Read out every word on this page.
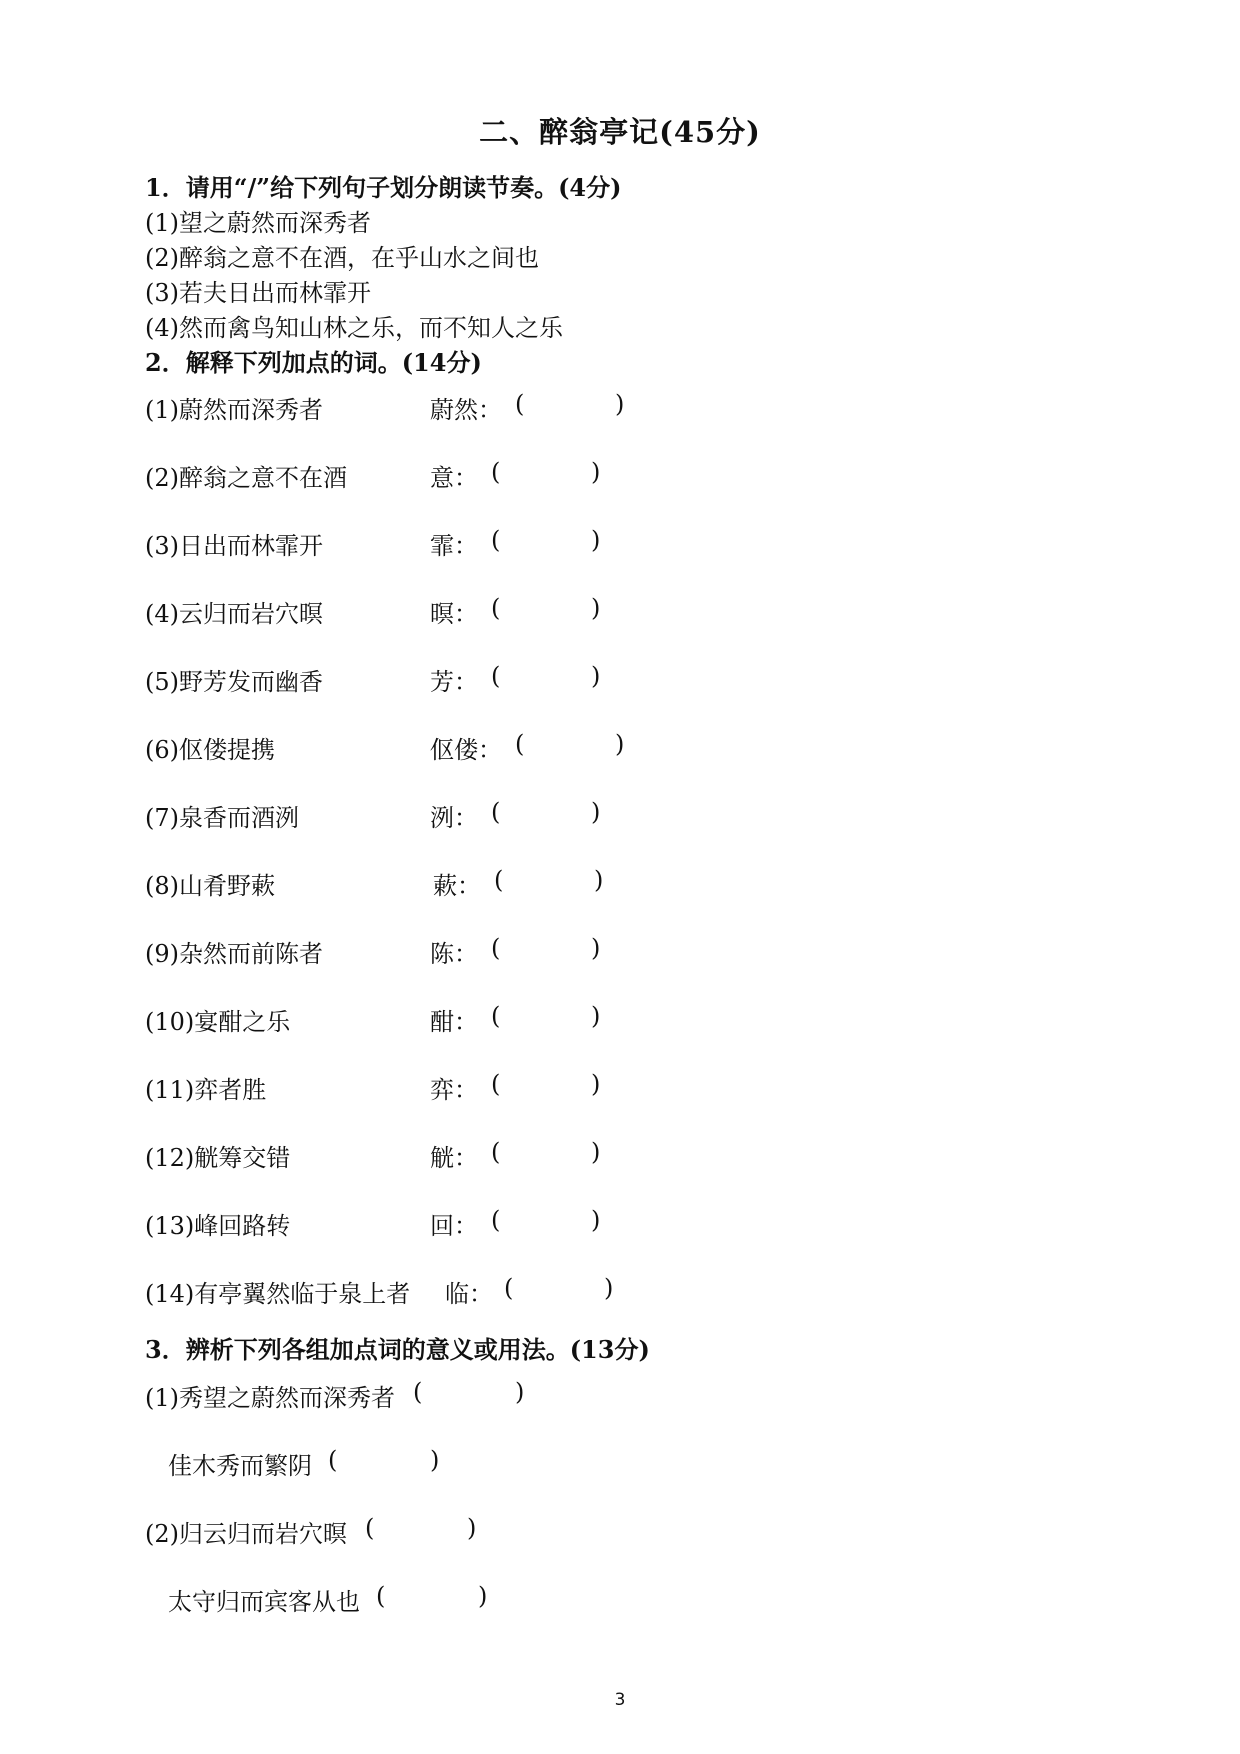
二、醉翁亭记(45分)
1．请用“/”给下列句子划分朗读节奏。(4分)
(1)望之蔚然而深秀者
(2)醉翁之意不在酒，在乎山水之间也
(3)若夫日出而林霏开
(4)然而禽鸟知山林之乐，而不知人之乐
2．解释下列加点的词。(14分)
(1)蔚然而深秀者	蔚然： (	)
(2)醉翁之意不在酒	意： (	)
(3)日出而林霏开	霏： (	)
(4)云归而岩穴暝	暝： (	)
(5)野芳发而幽香	芳： (	)
(6)伛偻提携	伛偻： (	)
(7)泉香而酒洌	洌： (	)
(8)山肴野蔌	蔌： (	)
(9)杂然而前陈者	陈： (	)
(10)宴酣之乐	酣： (	)
(11)弈者胜	弈： (	)
(12)觥筹交错	觥： (	)
(13)峰回路转	回： (	)
(14)有亭翼然临于泉上者 临： (	)
3．辨析下列各组加点词的意义或用法。(13分)
(1)秀望之蔚然而深秀者 (	)
佳木秀而繁阴 (	)
(2)归云归而岩穴暝 (	)
太守归而宾客从也 (	)
3
